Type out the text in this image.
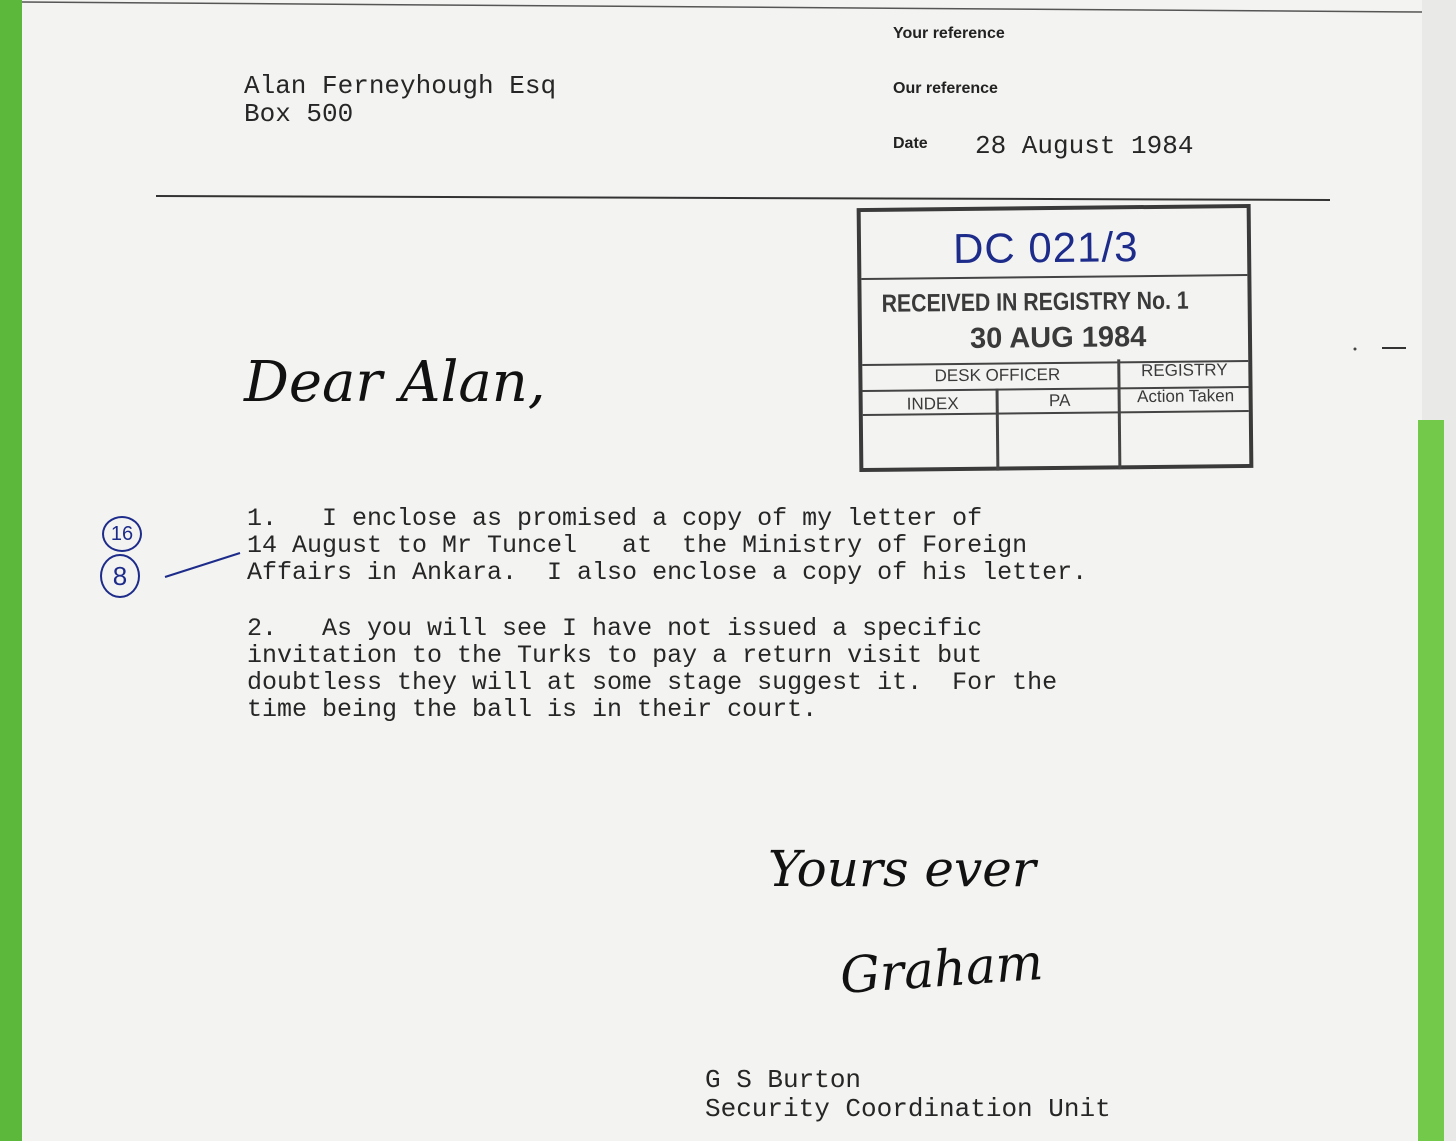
Alan Ferneyhough Esq
Box 500
Your reference
Our reference
Date 28 August 1984
DC 021/3
RECEIVED IN REGISTRY No. 1
30 AUG 1984
DESK OFFICER	REGISTRY
INDEX	PA	Action Taken
Dear Alan,
16
8
1.   I enclose as promised a copy of my letter of
14 August to Mr Tuncel   at  the Ministry of Foreign
Affairs in Ankara.  I also enclose a copy of his letter.
2.   As you will see I have not issued a specific
invitation to the Turks to pay a return visit but
doubtless they will at some stage suggest it.  For the
time being the ball is in their court.
Yours ever
Graham
G S Burton
Security Coordination Unit
